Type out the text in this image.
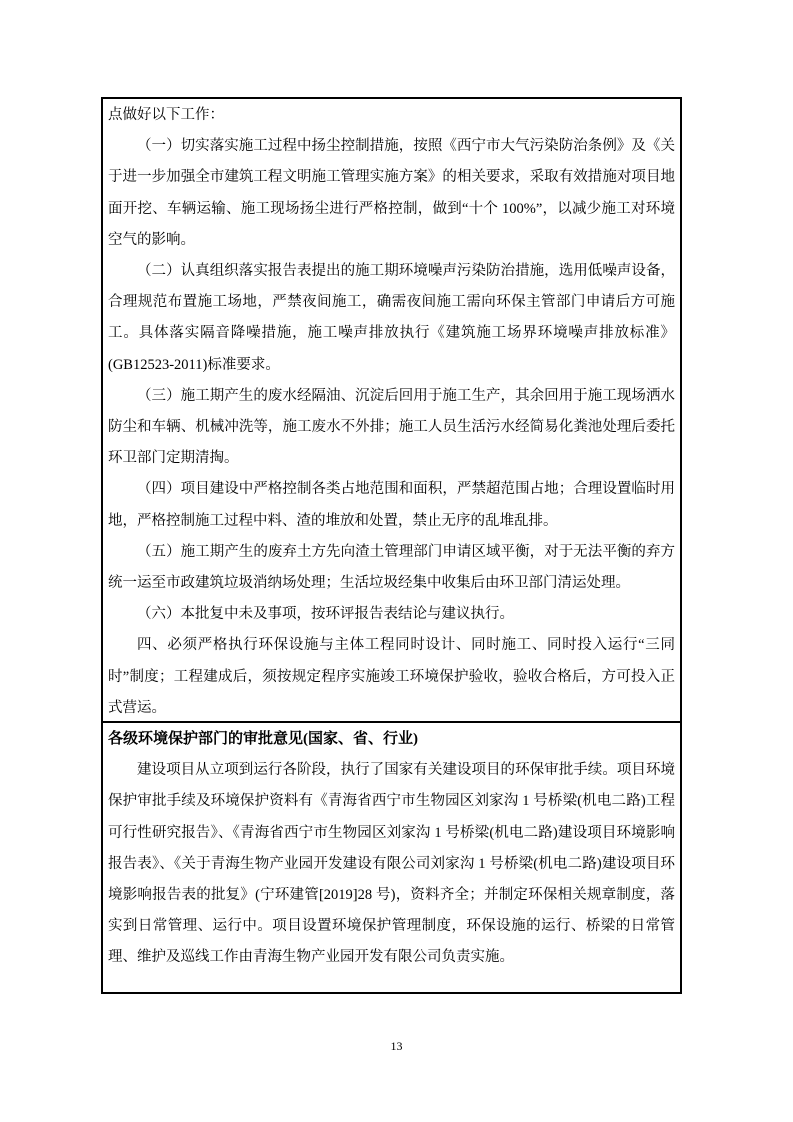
点做好以下工作：

（一）切实落实施工过程中扬尘控制措施，按照《西宁市大气污染防治条例》及《关于进一步加强全市建筑工程文明施工管理实施方案》的相关要求，采取有效措施对项目地面开挖、车辆运输、施工现场扬尘进行严格控制，做到“十个 100%”，以减少施工对环境空气的影响。

（二）认真组织落实报告表提出的施工期环境噪声污染防治措施，选用低噪声设备，合理规范布置施工场地，严禁夜间施工，确需夜间施工需向环保主管部门申请后方可施工。具体落实隔音降噪措施，施工噪声排放执行《建筑施工场界环境噪声排放标准》(GB12523-2011)标准要求。

（三）施工期产生的废水经隔油、沉淀后回用于施工生产，其余回用于施工现场洒水防尘和车辆、机械冲洗等，施工废水不外排；施工人员生活污水经简易化粪池处理后委托环卫部门定期清掏。

（四）项目建设中严格控制各类占地范围和面积，严禁超范围占地；合理设置临时用地，严格控制施工过程中料、渣的堆放和处置，禁止无序的乱堆乱排。

（五）施工期产生的废弃土方先向渣土管理部门申请区域平衡，对于无法平衡的弃方统一运至市政建筑垃圾消纳场处理；生活垃圾经集中收集后由环卫部门清运处理。

（六）本批复中未及事项，按环评报告表结论与建议执行。

四、必须严格执行环保设施与主体工程同时设计、同时施工、同时投入运行“三同时”制度；工程建成后，须按规定程序实施竣工环境保护验收，验收合格后，方可投入正式营运。

各级环境保护部门的审批意见(国家、省、行业)

建设项目从立项到运行各阶段，执行了国家有关建设项目的环保审批手续。项目环境保护审批手续及环境保护资料有《青海省西宁市生物园区刘家沟 1 号桥梁(机电二路)工程可行性研究报告》、《青海省西宁市生物园区刘家沟 1 号桥梁(机电二路)建设项目环境影响报告表》、《关于青海生物产业园开发建设有限公司刘家沟 1 号桥梁(机电二路)建设项目环境影响报告表的批复》(宁环建管[2019]28 号)，资料齐全；并制定环保相关规章制度，落实到日常管理、运行中。项目设置环境保护管理制度，环保设施的运行、桥梁的日常管理、维护及巡线工作由青海生物产业园开发有限公司负责实施。

13
